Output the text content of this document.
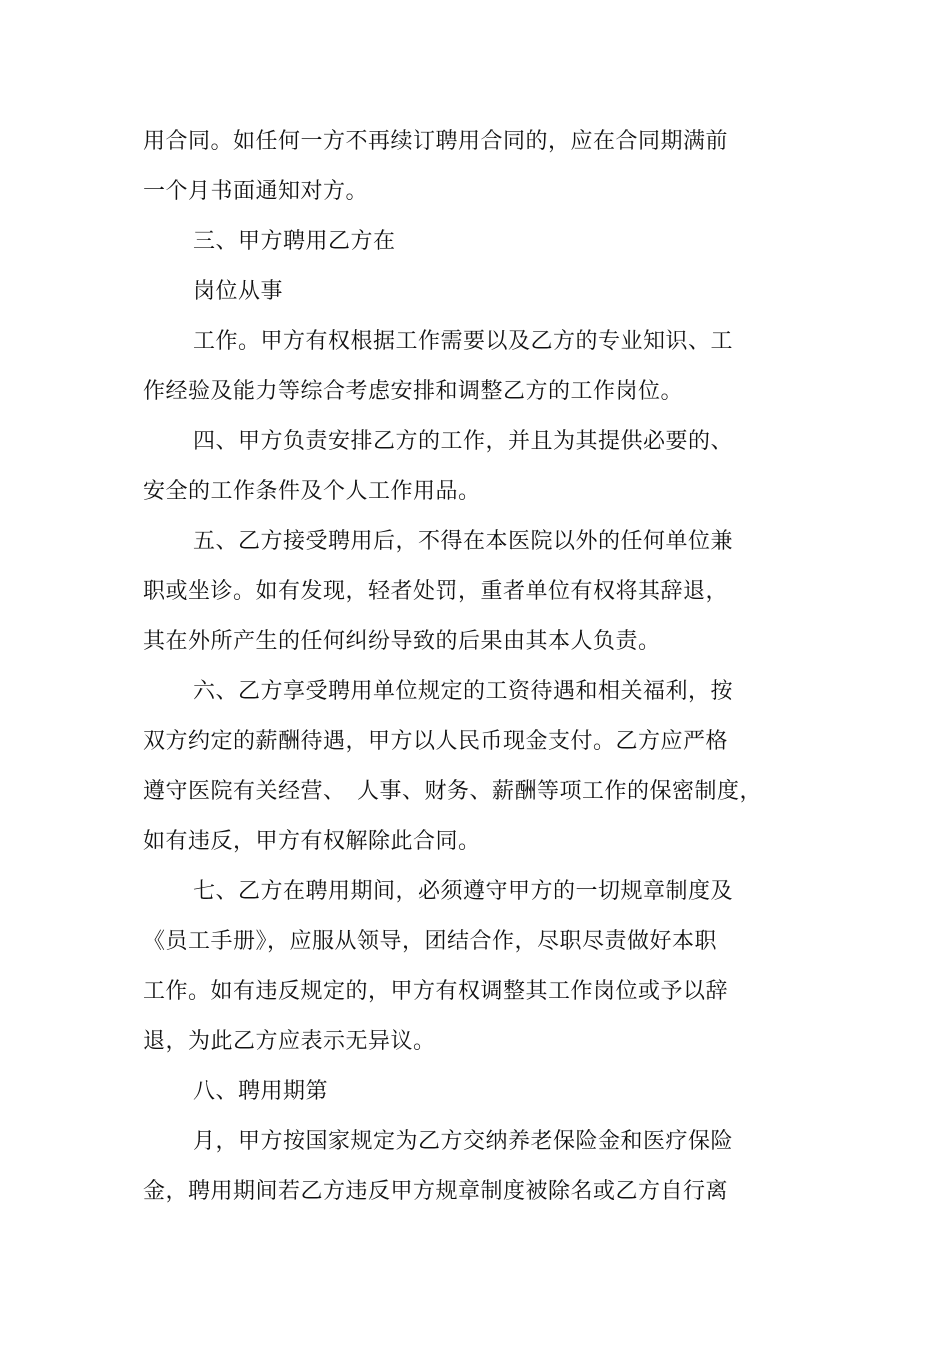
用合同。如任何一方不再续订聘用合同的，应在合同期满前
一个月书面通知对方。
三、甲方聘用乙方在
岗位从事
工作。甲方有权根据工作需要以及乙方的专业知识、工
作经验及能力等综合考虑安排和调整乙方的工作岗位。
四、甲方负责安排乙方的工作，并且为其提供必要的、
安全的工作条件及个人工作用品。
五、乙方接受聘用后，不得在本医院以外的任何单位兼
职或坐诊。如有发现，轻者处罚，重者单位有权将其辞退，
其在外所产生的任何纠纷导致的后果由其本人负责。
六、乙方享受聘用单位规定的工资待遇和相关福利，按
双方约定的薪酬待遇，甲方以人民币现金支付。乙方应严格
遵守医院有关经营、　人事、财务、薪酬等项工作的保密制度，
如有违反，甲方有权解除此合同。
七、乙方在聘用期间，必须遵守甲方的一切规章制度及
《员工手册》，应服从领导，团结合作，尽职尽责做好本职
工作。如有违反规定的，甲方有权调整其工作岗位或予以辞
退，为此乙方应表示无异议。
八、聘用期第
月，甲方按国家规定为乙方交纳养老保险金和医疗保险
金，聘用期间若乙方违反甲方规章制度被除名或乙方自行离
